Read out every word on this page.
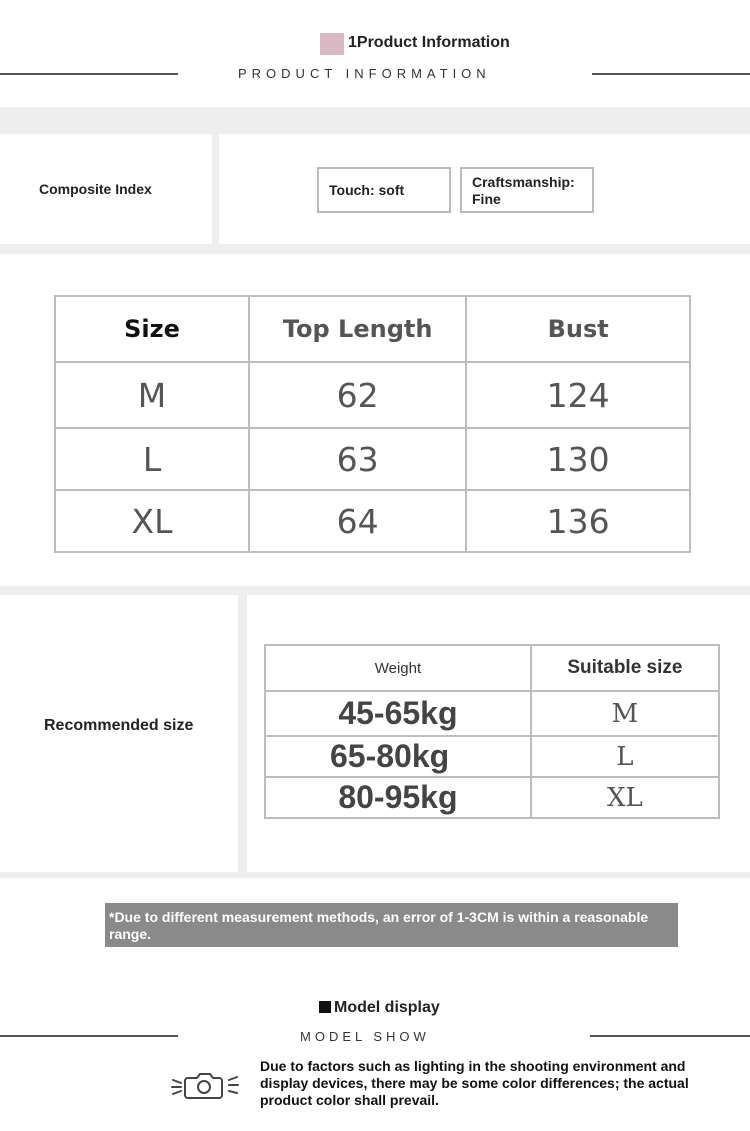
1Product Information
PRODUCT INFORMATION
Composite Index	Touch: soft	Craftsmanship: Fine
Size	Top Length	Bust
M	62	124
L	63	130
XL	64	136
Recommended size
Weight	Suitable size
45-65kg	M
65-80kg	L
80-95kg	XL
*Due to different measurement methods, an error of 1-3CM is within a reasonable range.
Model display
MODEL SHOW
Due to factors such as lighting in the shooting environment and display devices, there may be some color differences; the actual product color shall prevail.
